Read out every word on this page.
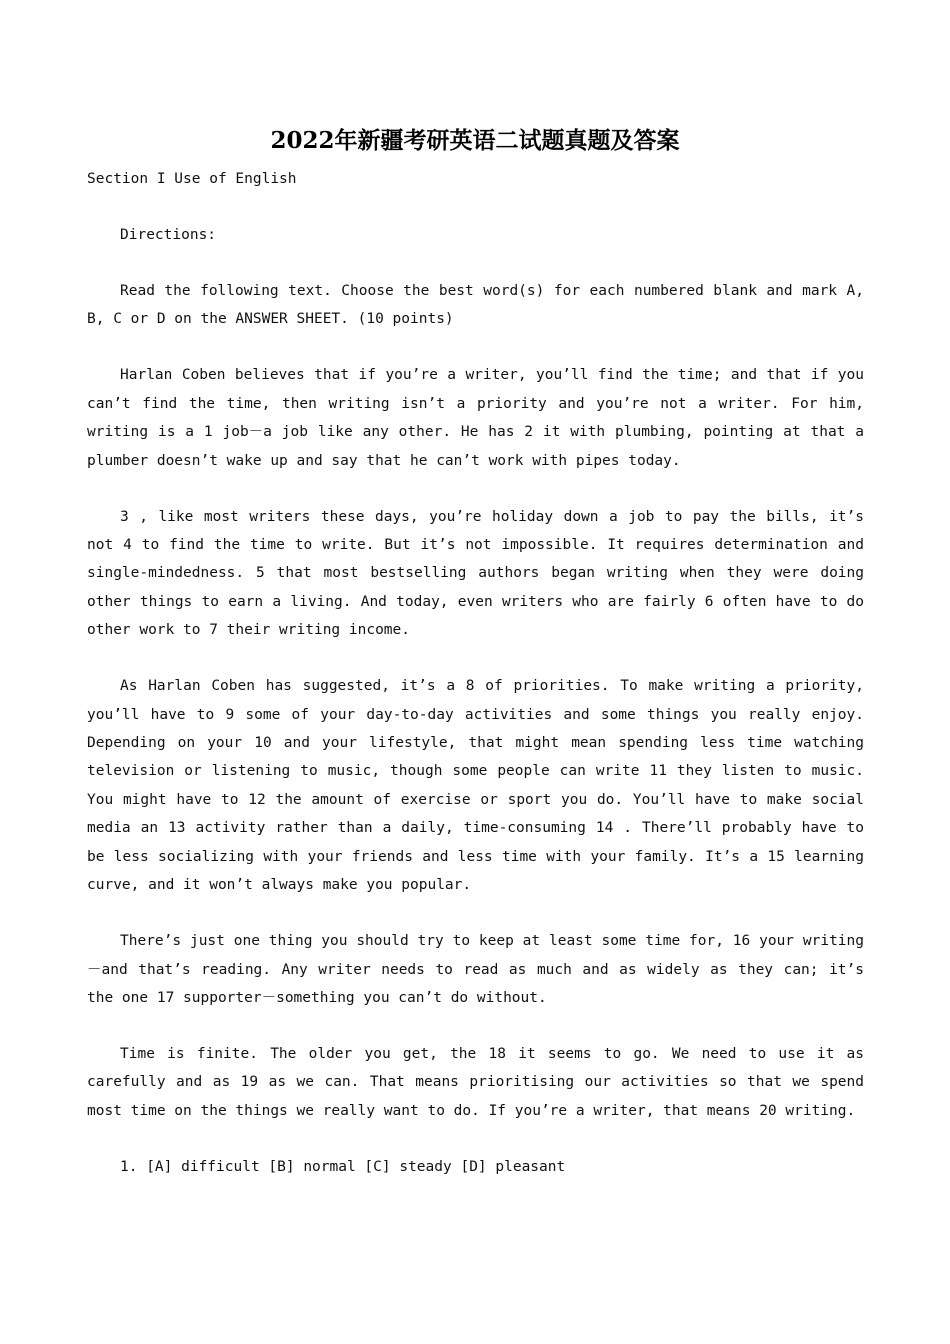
2022年新疆考研英语二试题真题及答案

Section I Use of English

Directions:

Read the following text. Choose the best word(s) for each numbered blank and mark A, B, C or D on the ANSWER SHEET. (10 points)

Harlan Coben believes that if you’re a writer, you’ll find the time; and that if you can’t find the time, then writing isn’t a priority and you’re not a writer. For him, writing is a 1 job－a job like any other. He has 2 it with plumbing, pointing at that a plumber doesn’t wake up and say that he can’t work with pipes today.

3 , like most writers these days, you’re holiday down a job to pay the bills, it’s not 4 to find the time to write. But it’s not impossible. It requires determination and single-mindedness. 5 that most bestselling authors began writing when they were doing other things to earn a living. And today, even writers who are fairly 6 often have to do other work to 7 their writing income.

As Harlan Coben has suggested, it’s a 8 of priorities. To make writing a priority, you’ll have to 9 some of your day-to-day activities and some things you really enjoy. Depending on your 10 and your lifestyle, that might mean spending less time watching television or listening to music, though some people can write 11 they listen to music. You might have to 12 the amount of exercise or sport you do. You’ll have to make social media an 13 activity rather than a daily, time-consuming 14 . There’ll probably have to be less socializing with your friends and less time with your family. It’s a 15 learning curve, and it won’t always make you popular.

There’s just one thing you should try to keep at least some time for, 16 your writing－and that’s reading. Any writer needs to read as much and as widely as they can; it’s the one 17 supporter－something you can’t do without.

Time is finite. The older you get, the 18 it seems to go. We need to use it as carefully and as 19 as we can. That means prioritising our activities so that we spend most time on the things we really want to do. If you’re a writer, that means 20 writing.

1. [A] difficult [B] normal [C] steady [D] pleasant
